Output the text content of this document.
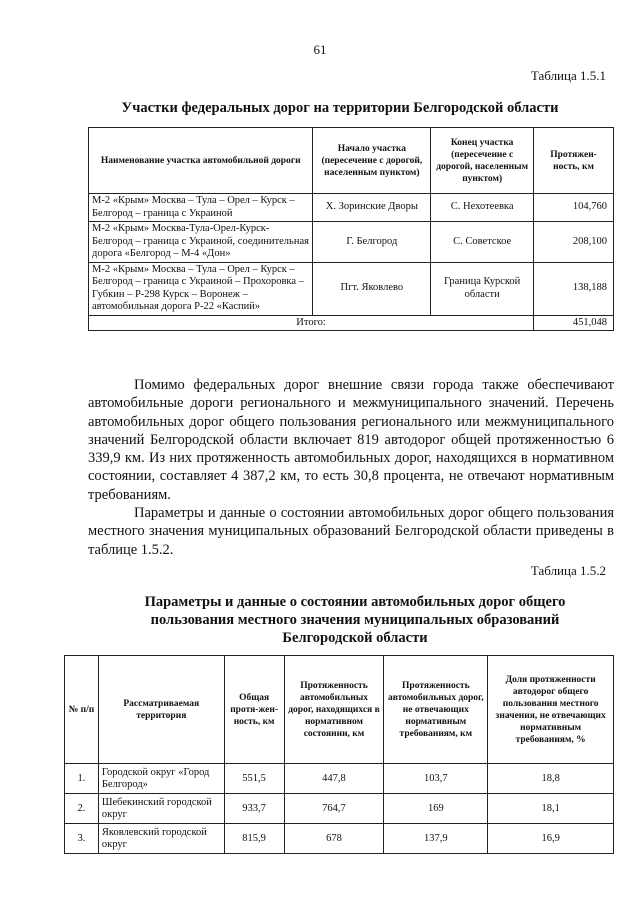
61
Таблица 1.5.1
Участки федеральных дорог на территории Белгородской области
Наименование участка автомобильной дороги	Начало участка (пересечение с дорогой, населенным пунктом)	Конец участка (пересечение с дорогой, населенным пунктом)	Протяжен-ность, км
М-2 «Крым» Москва – Тула – Орел – Курск – Белгород – граница с Украиной	Х. Зоринские Дворы	С. Нехотеевка	104,760
М-2 «Крым» Москва-Тула-Орел-Курск-Белгород – граница с Украиной, соединительная дорога «Белгород – М-4 «Дон»	Г. Белгород	С. Советское	208,100
М-2 «Крым» Москва – Тула – Орел – Курск – Белгород – граница с Украиной – Прохоровка – Губкин – Р-298 Курск – Воронеж – автомобильная дорога Р-22 «Каспий»	Пгт. Яковлево	Граница Курской области	138,188
Итого:			451,048

Помимо федеральных дорог внешние связи города также обеспечивают автомобильные дороги регионального и межмуниципального значений. Перечень автомобильных дорог общего пользования регионального или межмуниципального значений Белгородской области включает 819 автодорог общей протяженностью 6 339,9 км. Из них протяженность автомобильных дорог, находящихся в нормативном состоянии, составляет 4 387,2 км, то есть 30,8 процента, не отвечают нормативным требованиям.

Параметры и данные о состоянии автомобильных дорог общего пользования местного значения муниципальных образований Белгородской области приведены в таблице 1.5.2.

Таблица 1.5.2
Параметры и данные о состоянии автомобильных дорог общего пользования местного значения муниципальных образований Белгородской области
№ п/п	Рассматриваемая территория	Общая протя-жен-ность, км	Протяженность автомобильных дорог, находящихся в нормативном состоянии, км	Протяженность автомобильных дорог, не отвечающих нормативным требованиям, км	Доля протяженности автодорог общего пользования местного значения, не отвечающих нормативным требованиям, %
1.	Городской округ «Город Белгород»	551,5	447,8	103,7	18,8
2.	Шебекинский городской округ	933,7	764,7	169	18,1
3.	Яковлевский городской округ	815,9	678	137,9	16,9
